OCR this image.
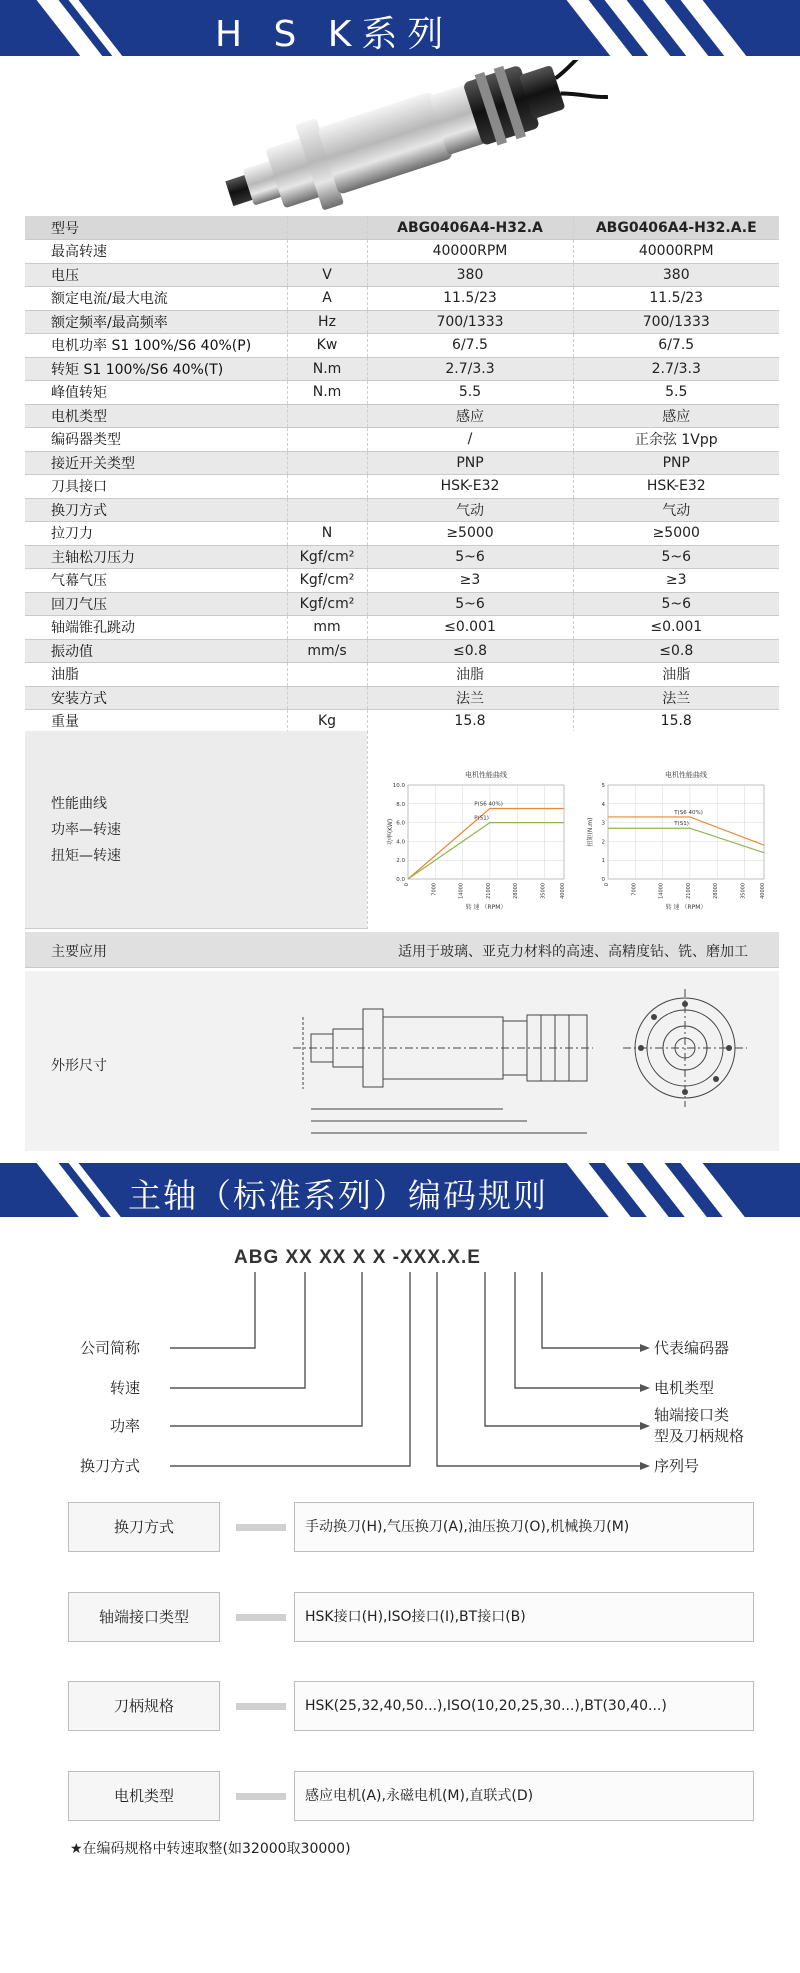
H S K系列
型号		ABG0406A4-H32.A	ABG0406A4-H32.A.E
最高转速		40000RPM	40000RPM
电压	V	380	380
额定电流/最大电流	A	11.5/23	11.5/23
额定频率/最高频率	Hz	700/1333	700/1333
电机功率 S1 100%/S6 40%(P)	Kw	6/7.5	6/7.5
转矩 S1 100%/S6 40%(T)	N.m	2.7/3.3	2.7/3.3
峰值转矩	N.m	5.5	5.5
电机类型		感应	感应
编码器类型		/	正余弦 1Vpp
接近开关类型		PNP	PNP
刀具接口		HSK-E32	HSK-E32
换刀方式		气动	气动
拉刀力	N	≥5000	≥5000
主轴松刀压力	Kgf/cm²	5~6	5~6
气幕气压	Kgf/cm²	≥3	≥3
回刀气压	Kgf/cm²	5~6	5~6
轴端锥孔跳动	mm	≤0.001	≤0.001
振动值	mm/s	≤0.8	≤0.8
油脂		油脂	油脂
安装方式		法兰	法兰
重量	Kg	15.8	15.8
性能曲线
功率—转速
扭矩—转速
电机性能曲线
10.0
8.0
6.0
4.0
2.0
0.0
0	7000	14000	21000	28000	35000	40000
功率(KW)
转 速 （RPM）
P(S6 40%)
P(S1)
电机性能曲线
5
4
3
2
1
0
0	7000	14000	21000	28000	35000	40000
扭矩(N.m)
转 速 （RPM）
T(S6 40%)
T(S1)
主要应用	适用于玻璃、亚克力材料的高速、高精度钻、铣、磨加工
外形尺寸
主轴（标准系列）编码规则
ABG XX XX X X -XXX.X.E
公司简称
转速
功率
换刀方式
代表编码器
电机类型
轴端接口类
型及刀柄规格
序列号
换刀方式	手动换刀(H),气压换刀(A),油压换刀(O),机械换刀(M)
轴端接口类型	HSK接口(H),ISO接口(I),BT接口(B)
刀柄规格	HSK(25,32,40,50...),ISO(10,20,25,30...),BT(30,40...)
电机类型	感应电机(A),永磁电机(M),直联式(D)
★在编码规格中转速取整(如32000取30000)
